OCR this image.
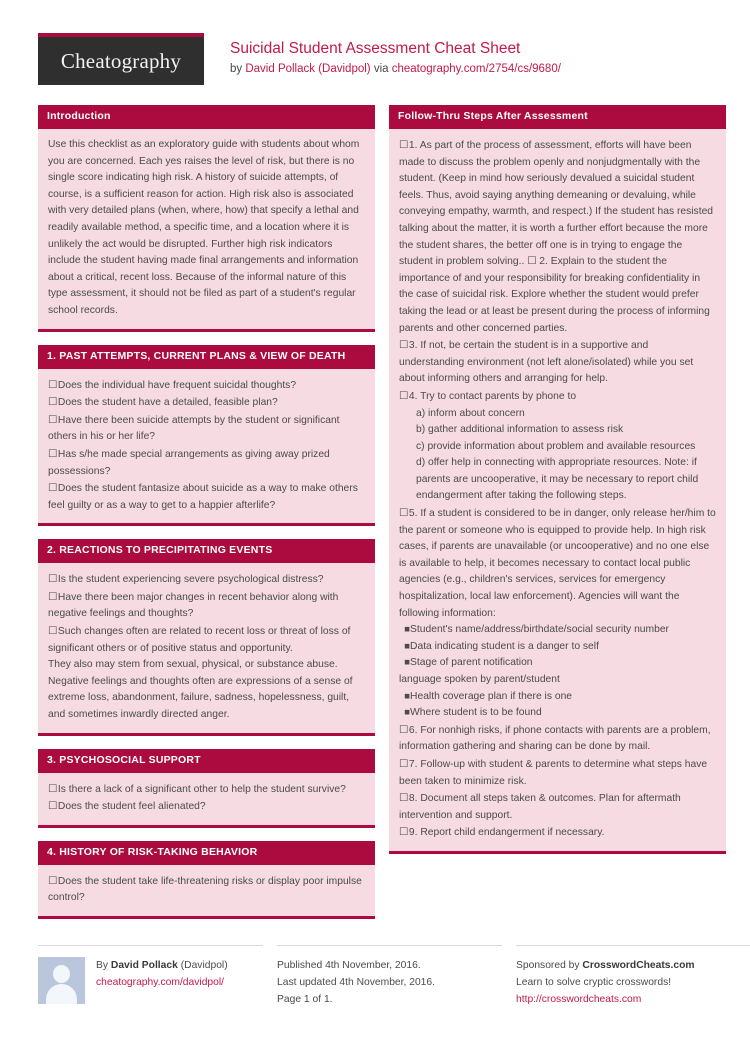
Cheatography	Suicidal Student Assessment Cheat Sheet
by David Pollack (Davidpol) via cheatography.com/2754/cs/9680/
Introduction

Use this checklist as an exploratory guide with students about whom you are concerned. Each yes raises the level of risk, but there is no single score indicating high risk. A history of suicide attempts, of course, is a sufficient reason for action. High risk also is associated with very detailed plans (when, where, how) that specify a lethal and readily available method, a specific time, and a location where it is unlikely the act would be disrupted. Further high risk indicators include the student having made final arrangements and information about a critical, recent loss. Because of the informal nature of this type assessment, it should not be filed as part of a student's regular school records.

1. PAST ATTEMPTS, CURRENT PLANS & VIEW OF DEATH

☐Does the individual have frequent suicidal thoughts?

☐Does the student have a detailed, feasible plan?

☐Have there been suicide attempts by the student or significant others in his or her life?

☐Has s/he made special arrangements as giving away prized possessions?

☐Does the student fantasize about suicide as a way to make others feel guilty or as a way to get to a happier afterlife?

2. REACTIONS TO PRECIPITATING EVENTS

☐Is the student experiencing severe psychological distress?

☐Have there been major changes in recent behavior along with negative feelings and thoughts?

☐Such changes often are related to recent loss or threat of loss of significant others or of positive status and opportunity.

They also may stem from sexual, physical, or substance abuse. Negative feelings and thoughts often are expressions of a sense of extreme loss, abandonment, failure, sadness, hopelessness, guilt, and sometimes inwardly directed anger.

3. PSYCHOSOCIAL SUPPORT

☐Is there a lack of a significant other to help the student survive?

☐Does the student feel alienated?

4. HISTORY OF RISK-TAKING BEHAVIOR

☐Does the student take life-threatening risks or display poor impulse control?

Follow-Thru Steps After Assessment

☐1. As part of the process of assessment, efforts will have been made to discuss the problem openly and nonjudgmentally with the student. (Keep in mind how seriously devalued a suicidal student feels. Thus, avoid saying anything demeaning or devaluing, while conveying empathy, warmth, and respect.) If the student has resisted talking about the matter, it is worth a further effort because the more the student shares, the better off one is in trying to engage the student in problem solving.. ☐ 2. Explain to the student the importance of and your responsibility for breaking confidentiality in the case of suicidal risk. Explore whether the student would prefer taking the lead or at least be present during the process of informing parents and other concerned parties.

☐3. If not, be certain the student is in a supportive and understanding environment (not left alone/isolated) while you set about informing others and arranging for help.

☐4. Try to contact parents by phone to

a) inform about concern

b) gather additional information to assess risk

c) provide information about problem and available resources

d) offer help in connecting with appropriate resources. Note: if parents are uncooperative, it may be necessary to report child endangerment after taking the following steps.

☐5. If a student is considered to be in danger, only release her/him to the parent or someone who is equipped to provide help. In high risk cases, if parents are unavailable (or uncooperative) and no one else is available to help, it becomes necessary to contact local public agencies (e.g., children's services, services for emergency hospitalization, local law enforcement). Agencies will want the following information:

■Student's name/address/birthdate/social security number

■Data indicating student is a danger to self

■Stage of parent notification

language spoken by parent/student

■Health coverage plan if there is one

■Where student is to be found

☐6. For nonhigh risks, if phone contacts with parents are a problem, information gathering and sharing can be done by mail.

☐7. Follow-up with student & parents to determine what steps have been taken to minimize risk.

☐8. Document all steps taken & outcomes. Plan for aftermath intervention and support.

☐9. Report child endangerment if necessary.

By David Pollack (Davidpol)
cheatography.com/davidpol/
Published 4th November, 2016.
Last updated 4th November, 2016.
Page 1 of 1.
Sponsored by CrosswordCheats.com
Learn to solve cryptic crosswords!
http://crosswordcheats.com
